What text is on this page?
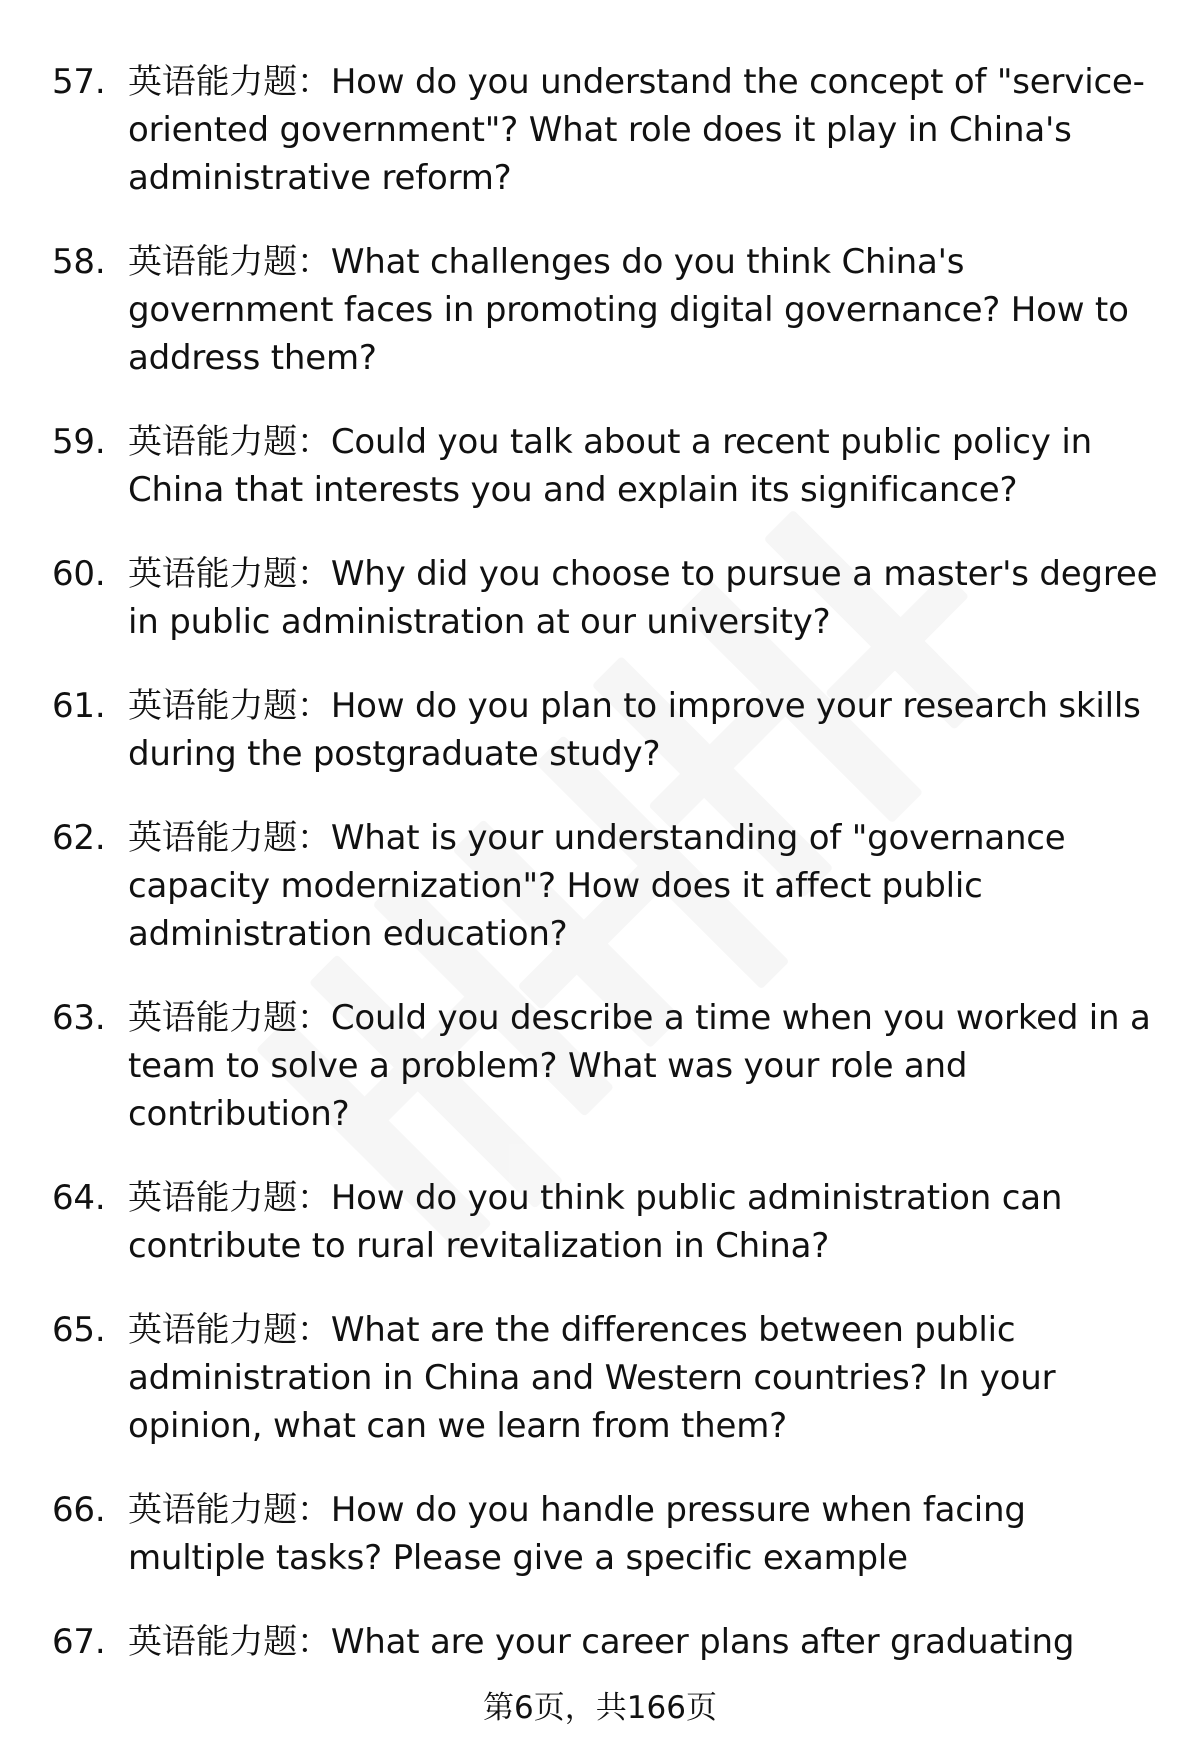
57. 英语能力题：How do you understand the concept of "service-oriented government"? What role does it play in China's administrative reform?
58. 英语能力题：What challenges do you think China's government faces in promoting digital governance? How to address them?
59. 英语能力题：Could you talk about a recent public policy in China that interests you and explain its significance?
60. 英语能力题：Why did you choose to pursue a master's degree in public administration at our university?
61. 英语能力题：How do you plan to improve your research skills during the postgraduate study?
62. 英语能力题：What is your understanding of "governance capacity modernization"? How does it affect public administration education?
63. 英语能力题：Could you describe a time when you worked in a team to solve a problem? What was your role and contribution?
64. 英语能力题：How do you think public administration can contribute to rural revitalization in China?
65. 英语能力题：What are the differences between public administration in China and Western countries? In your opinion, what can we learn from them?
66. 英语能力题：How do you handle pressure when facing multiple tasks? Please give a specific example
67. 英语能力题：What are your career plans after graduating
第6页，共166页
